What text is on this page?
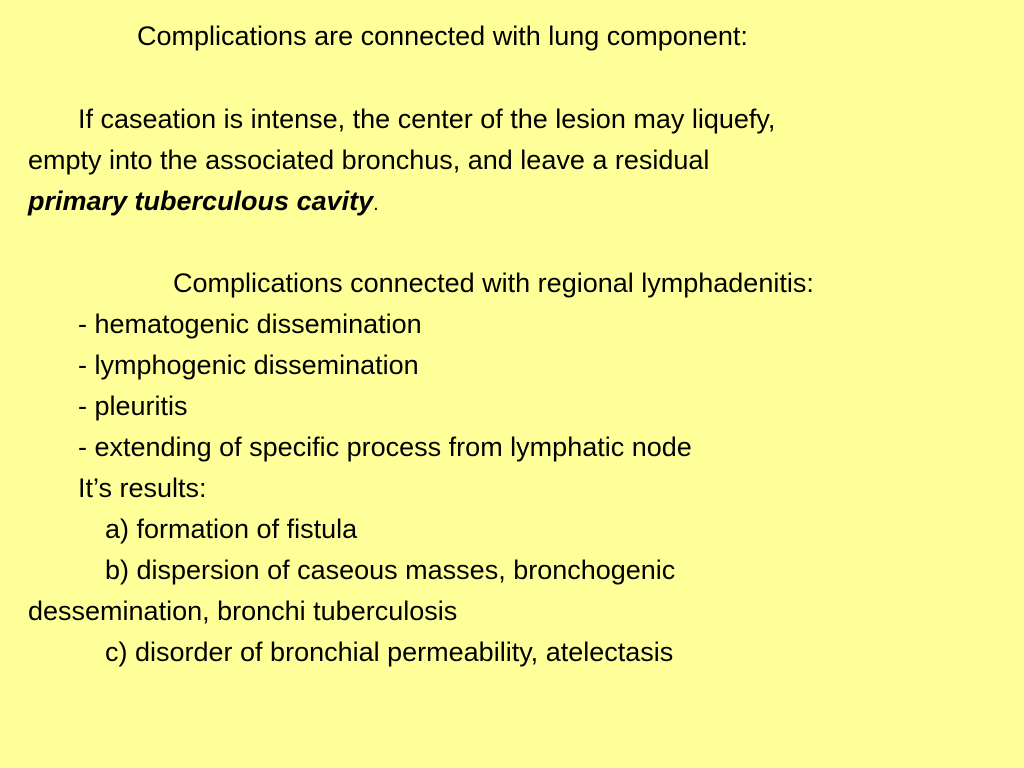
Complications are connected with lung component:
If caseation is intense, the center of the lesion may liquefy,
empty into the associated bronchus, and leave a residual
primary tuberculous cavity.
Complications connected with regional lymphadenitis:
- hematogenic dissemination
- lymphogenic dissemination
- pleuritis
- extending of specific process from lymphatic node
It’s results:
a) formation of fistula
b) dispersion of caseous masses, bronchogenic
dessemination, bronchi tuberculosis
c) disorder of bronchial permeability, atelectasis
